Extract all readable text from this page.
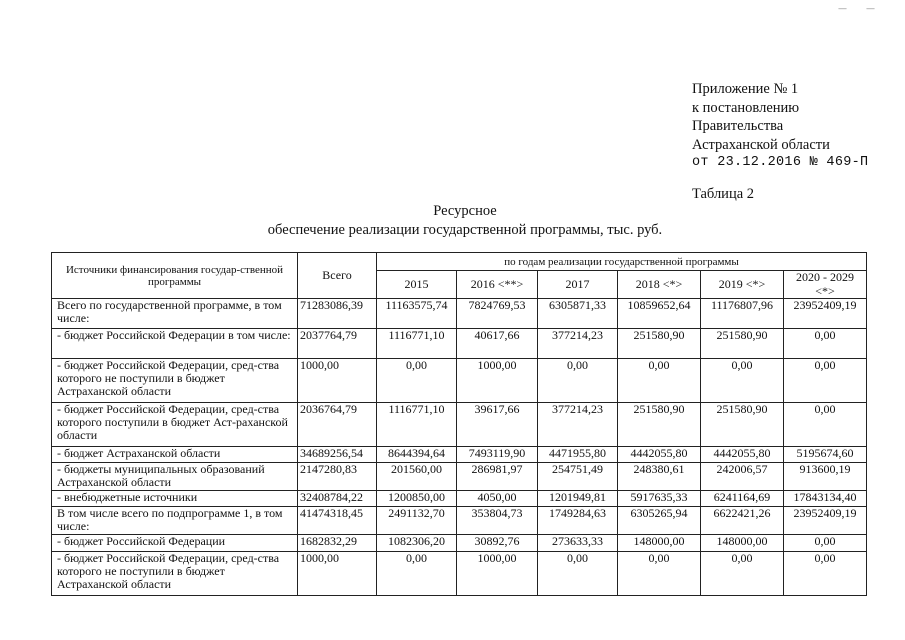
— —
Приложение № 1
к постановлению
Правительства
Астраханской области
от 23.12.2016 № 469-П
Таблица 2
Ресурсное
обеспечение реализации государственной программы, тыс. руб.
Источники финансирования государ-ственной программы	Всего	по годам реализации государственной программы					
		2015	2016 <**>	2017	2018 <*>	2019 <*>	2020 - 2029 <*>
Всего по государственной программе, в том числе:	71283086,39	11163575,74	7824769,53	6305871,33	10859652,64	11176807,96	23952409,19
- бюджет Российской Федерации в том числе:	2037764,79	1116771,10	40617,66	377214,23	251580,90	251580,90	0,00
- бюджет Российской Федерации, сред-ства которого не поступили в бюджет Астраханской области	1000,00	0,00	1000,00	0,00	0,00	0,00	0,00
- бюджет Российской Федерации, сред-ства которого поступили в бюджет Аст-раханской области	2036764,79	1116771,10	39617,66	377214,23	251580,90	251580,90	0,00
- бюджет Астраханской области	34689256,54	8644394,64	7493119,90	4471955,80	4442055,80	4442055,80	5195674,60
- бюджеты муниципальных образований Астраханской области	2147280,83	201560,00	286981,97	254751,49	248380,61	242006,57	913600,19
- внебюджетные источники	32408784,22	1200850,00	4050,00	1201949,81	5917635,33	6241164,69	17843134,40
В том числе всего по подпрограмме 1, в том числе:	41474318,45	2491132,70	353804,73	1749284,63	6305265,94	6622421,26	23952409,19
- бюджет Российской Федерации	1682832,29	1082306,20	30892,76	273633,33	148000,00	148000,00	0,00
- бюджет Российской Федерации, сред-ства которого не поступили в бюджет Астраханской области	1000,00	0,00	1000,00	0,00	0,00	0,00	0,00
